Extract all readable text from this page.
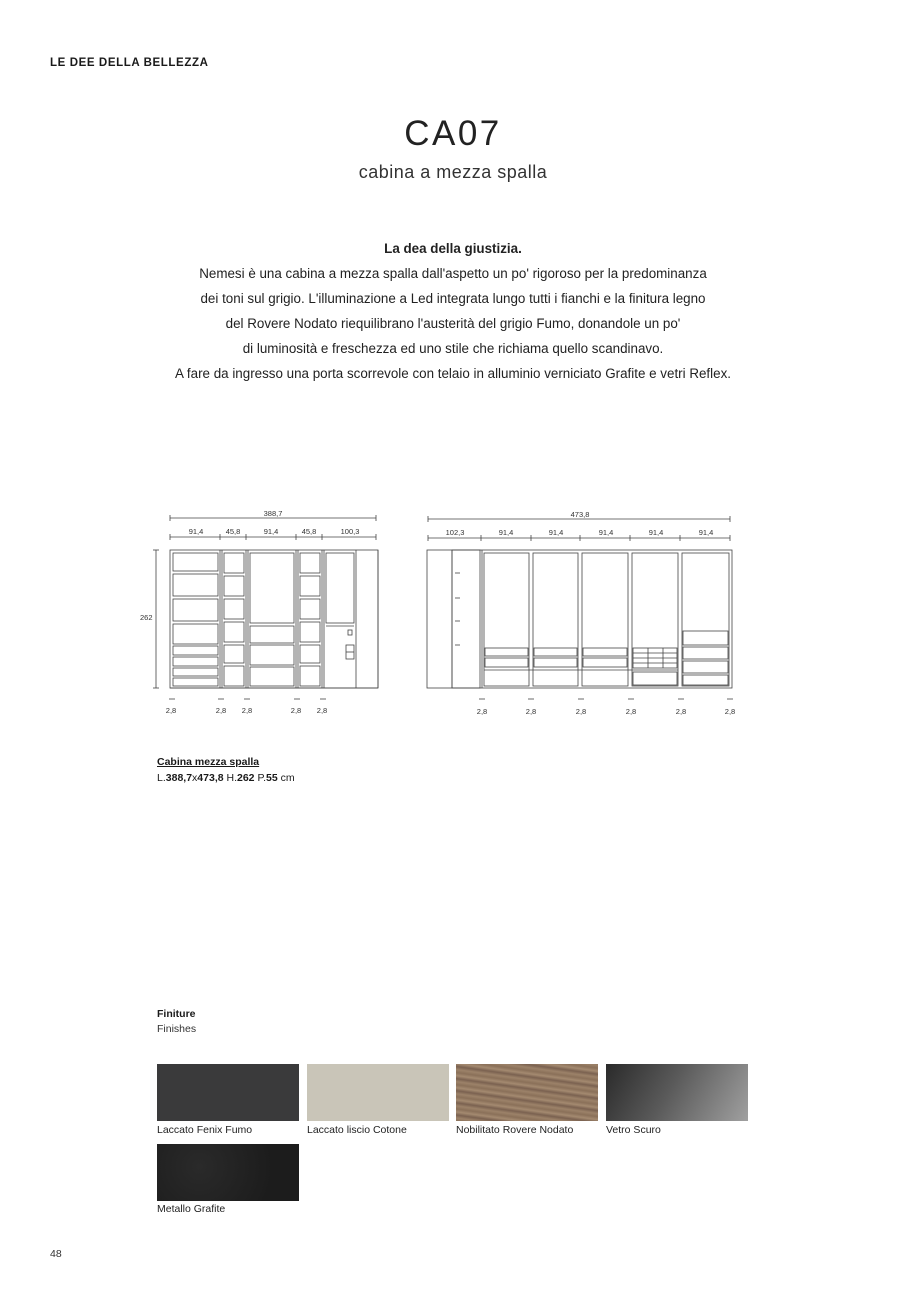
LE DEE DELLA BELLEZZA
CA07
cabina a mezza spalla
La dea della giustizia.
Nemesi è una cabina a mezza spalla dall'aspetto un po' rigoroso per la predominanza
dei toni sul grigio. L'illuminazione a Led integrata lungo tutti i fianchi e la finitura legno
del Rovere Nodato riequilibrano l'austerità del grigio Fumo, donandole un po'
di luminosità e freschezza ed uno stile che richiama quello scandinavo.
A fare da ingresso una porta scorrevole con telaio in alluminio verniciato Grafite e vetri Reflex.
388,7
91,4	45,8	91,4	45,8	100,3
262
2,8	2,8 2,8	2,8 2,8
473,8
102,3	91,4	91,4	91,4	91,4	91,4
2,8	2,8	2,8	2,8	2,8	2,8
Cabina mezza spalla
L.388,7x473,8 H.262 P.55 cm
Finiture
Finishes
Laccato Fenix Fumo	Laccato liscio Cotone	Nobilitato Rovere Nodato	Vetro Scuro
Metallo Grafite
48
